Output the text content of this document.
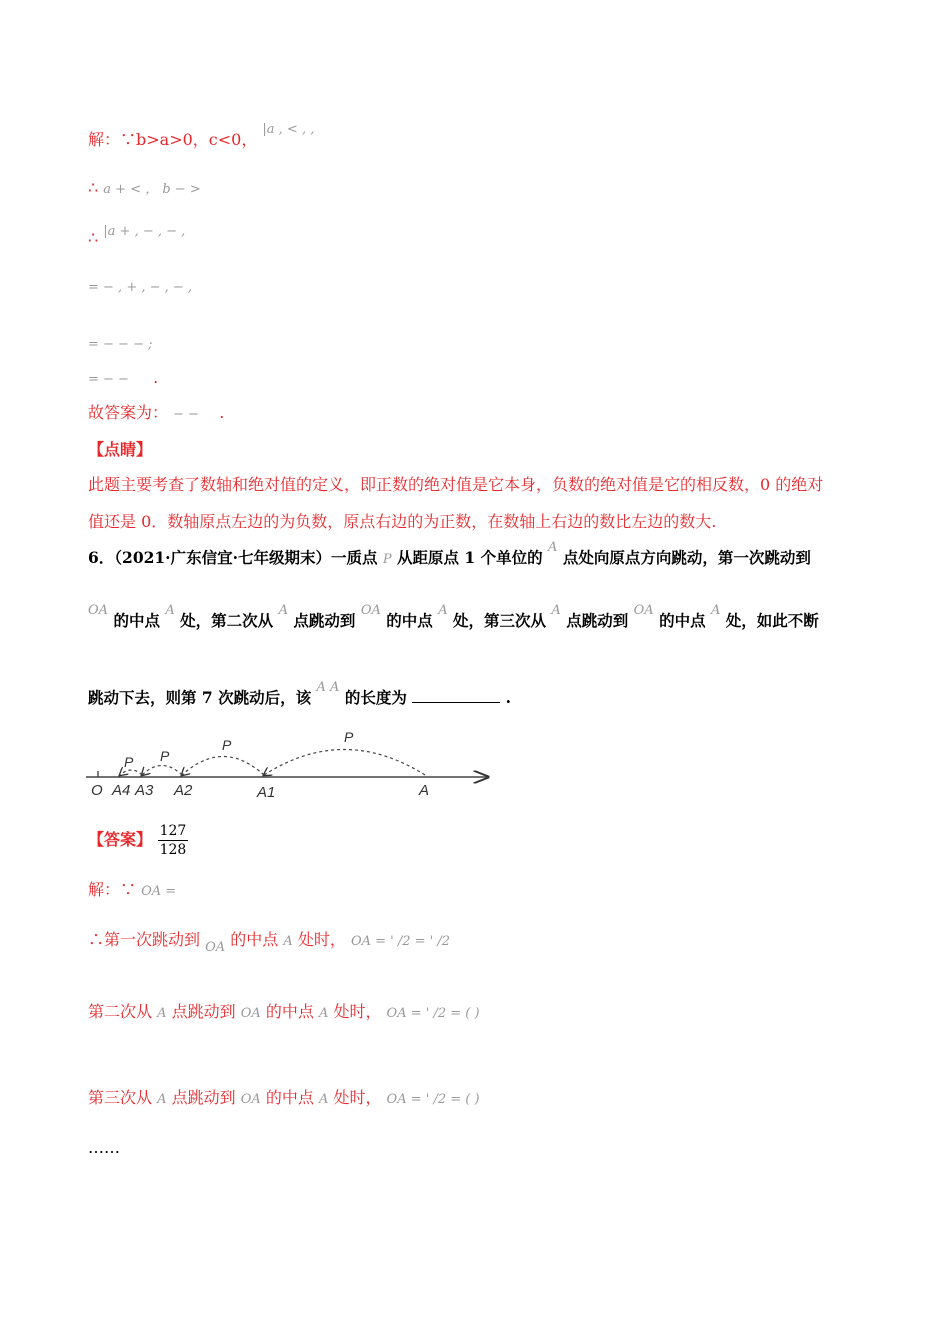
解：∵b>a>0，c<0， $^{|a , < , ,}$
∴ a + < ， b − >
∴ |a + , − , − ,
= − , + , − , − ,
= − − − ;
= − − .
故答案为： − − .
【点睛】
此题主要考查了数轴和绝对值的定义，即正数的绝对值是它本身，负数的绝对值是它的相反数，0 的绝对
值还是 0．数轴原点左边的为负数，原点右边的为正数，在数轴上右边的数比左边的数大.
6．（2021·广东信宜·七年级期末）一质点 P 从距原点 1 个单位的 $^A$ 点处向原点方向跳动，第一次跳动到
$^{OA}$ 的中点 $^A$ 处，第二次从 $^A$ 点跳动到 $^{OA}$ 的中点 $^A$ 处，第三次从 $^A$ 点跳动到 $^{OA}$ 的中点 $^A$ 处，如此不断
跳动下去，则第 7 次跳动后，该 $^{A A}$ 的长度为	.
P
P
P
P
O A4 A3 A2	A1	A
【答案】 $\frac{127}{128}$
解：∵ OA =
∴第一次跳动到 $_{OA}$ 的中点 A 处时， OA = ' /2 = ' /2
第二次从 A 点跳动到 OA 的中点 A 处时， OA = ' /2 = ( )
第三次从 A 点跳动到 OA 的中点 A 处时， OA = ' /2 = ( )
……
